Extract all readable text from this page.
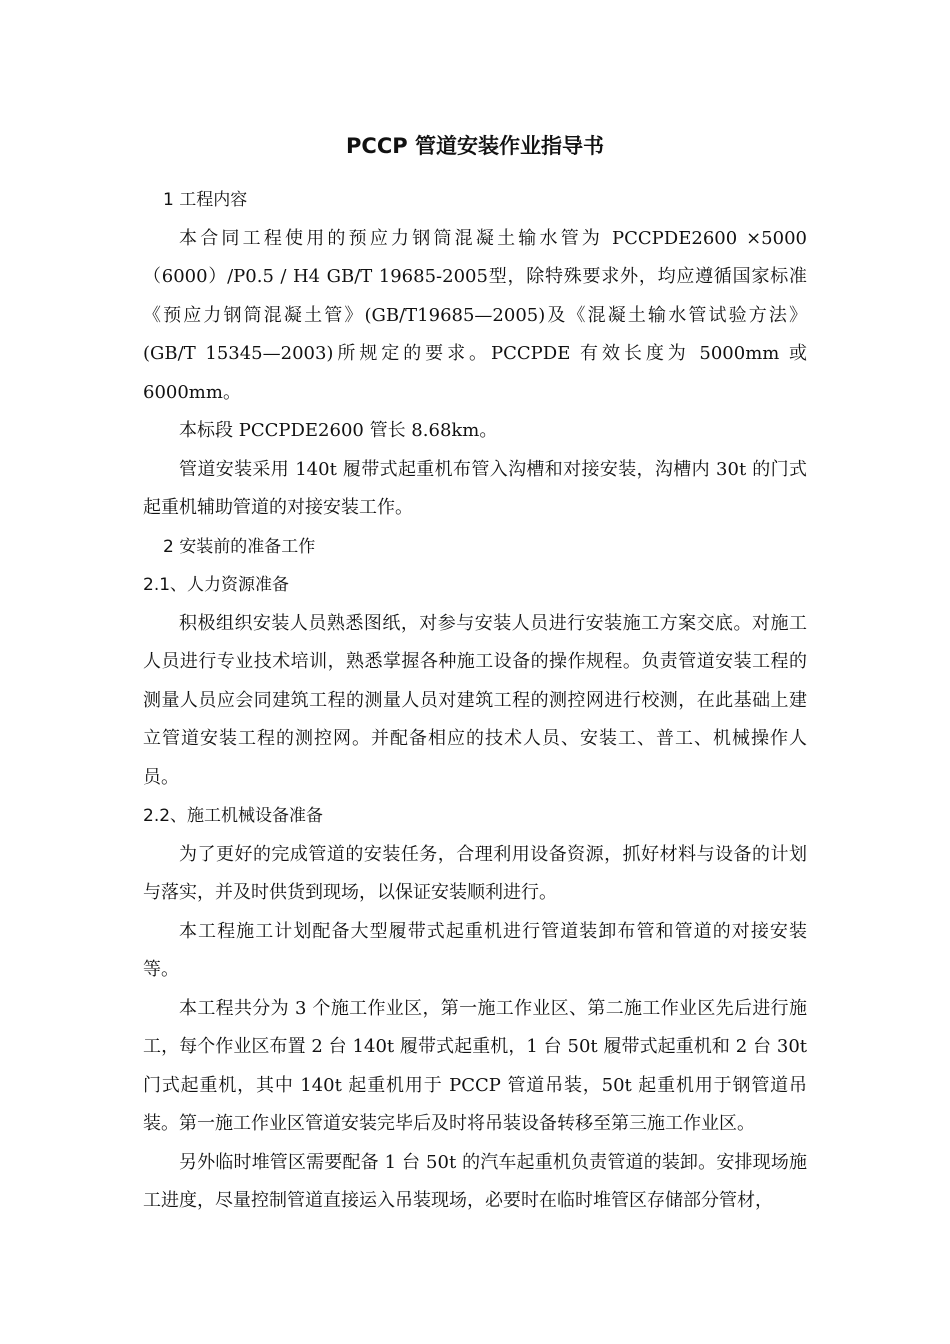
PCCP 管道安装作业指导书

1 工程内容

本合同工程使用的预应力钢筒混凝土输水管为 PCCPDE2600 ×5000（6000）/P0.5 / H4 GB/T 19685-2005型，除特殊要求外，均应遵循国家标准《预应力钢筒混凝土管》(GB/T19685—2005)及《混凝土输水管试验方法》(GB/T 15345—2003)所规定的要求。PCCPDE 有效长度为 5000mm 或 6000mm。

本标段 PCCPDE2600 管长 8.68km。

管道安装采用 140t 履带式起重机布管入沟槽和对接安装，沟槽内 30t 的门式起重机辅助管道的对接安装工作。

2 安装前的准备工作

2.1、人力资源准备

积极组织安装人员熟悉图纸，对参与安装人员进行安装施工方案交底。对施工人员进行专业技术培训，熟悉掌握各种施工设备的操作规程。负责管道安装工程的测量人员应会同建筑工程的测量人员对建筑工程的测控网进行校测，在此基础上建立管道安装工程的测控网。并配备相应的技术人员、安装工、普工、机械操作人员。

2.2、施工机械设备准备

为了更好的完成管道的安装任务，合理利用设备资源，抓好材料与设备的计划与落实，并及时供货到现场，以保证安装顺利进行。

本工程施工计划配备大型履带式起重机进行管道装卸布管和管道的对接安装等。

本工程共分为 3 个施工作业区，第一施工作业区、第二施工作业区先后进行施工，每个作业区布置 2 台 140t 履带式起重机，1 台 50t 履带式起重机和 2 台 30t 门式起重机，其中 140t 起重机用于 PCCP 管道吊装，50t 起重机用于钢管道吊装。第一施工作业区管道安装完毕后及时将吊装设备转移至第三施工作业区。

另外临时堆管区需要配备 1 台 50t 的汽车起重机负责管道的装卸。安排现场施工进度，尽量控制管道直接运入吊装现场，必要时在临时堆管区存储部分管材，
